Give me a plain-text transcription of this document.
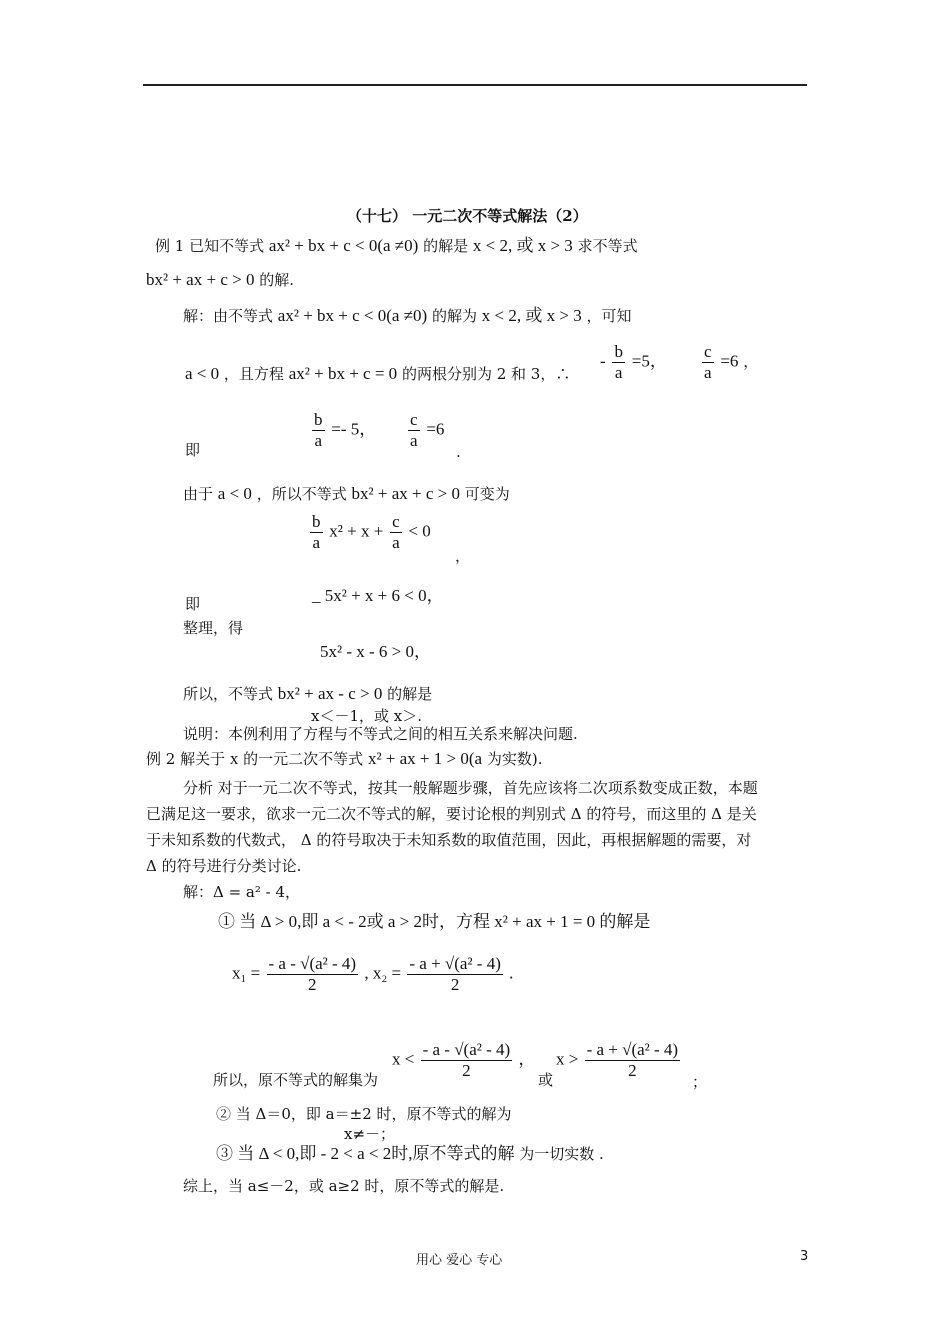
（十七） 一元二次不等式解法（2）
例 1 已知不等式 ax² + bx + c < 0(a ≠0) 的解是 x < 2, 或 x > 3 求不等式
bx² + ax + c > 0 的解.
解：由不等式 ax² + bx + c < 0(a ≠0) 的解为 x < 2, 或 x > 3 ，可知
a < 0 ，且方程 ax² + bx + c = 0 的两根分别为 2 和 3，∴
- $\frac{b}{a} =5$， $\frac{c}{a} =6$ ，
即	$\frac{b}{a} =- 5$， $\frac{c}{a} =6$
.
由于 a < 0 ，所以不等式 bx² + ax + c > 0 可变为
$\frac{b}{a} x^2 + x + \frac{c}{a} < 0$
，
即	_ 5x² + x + 6 < 0，
整理，得
5x² - x - 6 > 0，
所以，不等式 bx² + ax - c > 0 的解是
x＜－1，或 x＞.
说明：本例利用了方程与不等式之间的相互关系来解决问题.
例 2 解关于 x 的一元二次不等式 x² + ax + 1 > 0(a 为实数).
分析 对于一元二次不等式，按其一般解题步骤，首先应该将二次项系数变成正数，本题
已满足这一要求，欲求一元二次不等式的解，要讨论根的判别式 Δ 的符号，而这里的 Δ 是关
于未知系数的代数式， Δ 的符号取决于未知系数的取值范围，因此，再根据解题的需要，对
Δ 的符号进行分类讨论.
解：Δ = a² - 4，
① 当 Δ > 0,即 a < - 2或 a > 2时，方程 x² + ax + 1 = 0 的解是
$x_1 = \frac{\text{- a - √(a² - 4)}}{2}$ , $x_2 = \frac{\text{- a + √(a² - 4)}}{2}$ .
所以，原不等式的解集为
$x < \frac{\text{- a - √(a² - 4)}}{2}$ ，
或
$x > \frac{\text{- a + √(a² - 4)}}{2}$
；
② 当 Δ＝0，即 a＝±2 时，原不等式的解为
x≠－；
③ 当 Δ < 0,即 - 2 < a < 2时,原不等式的解 为一切实数 .
综上，当 a≤－2，或 a≥2 时，原不等式的解是.
用心 爱心 专心	3
